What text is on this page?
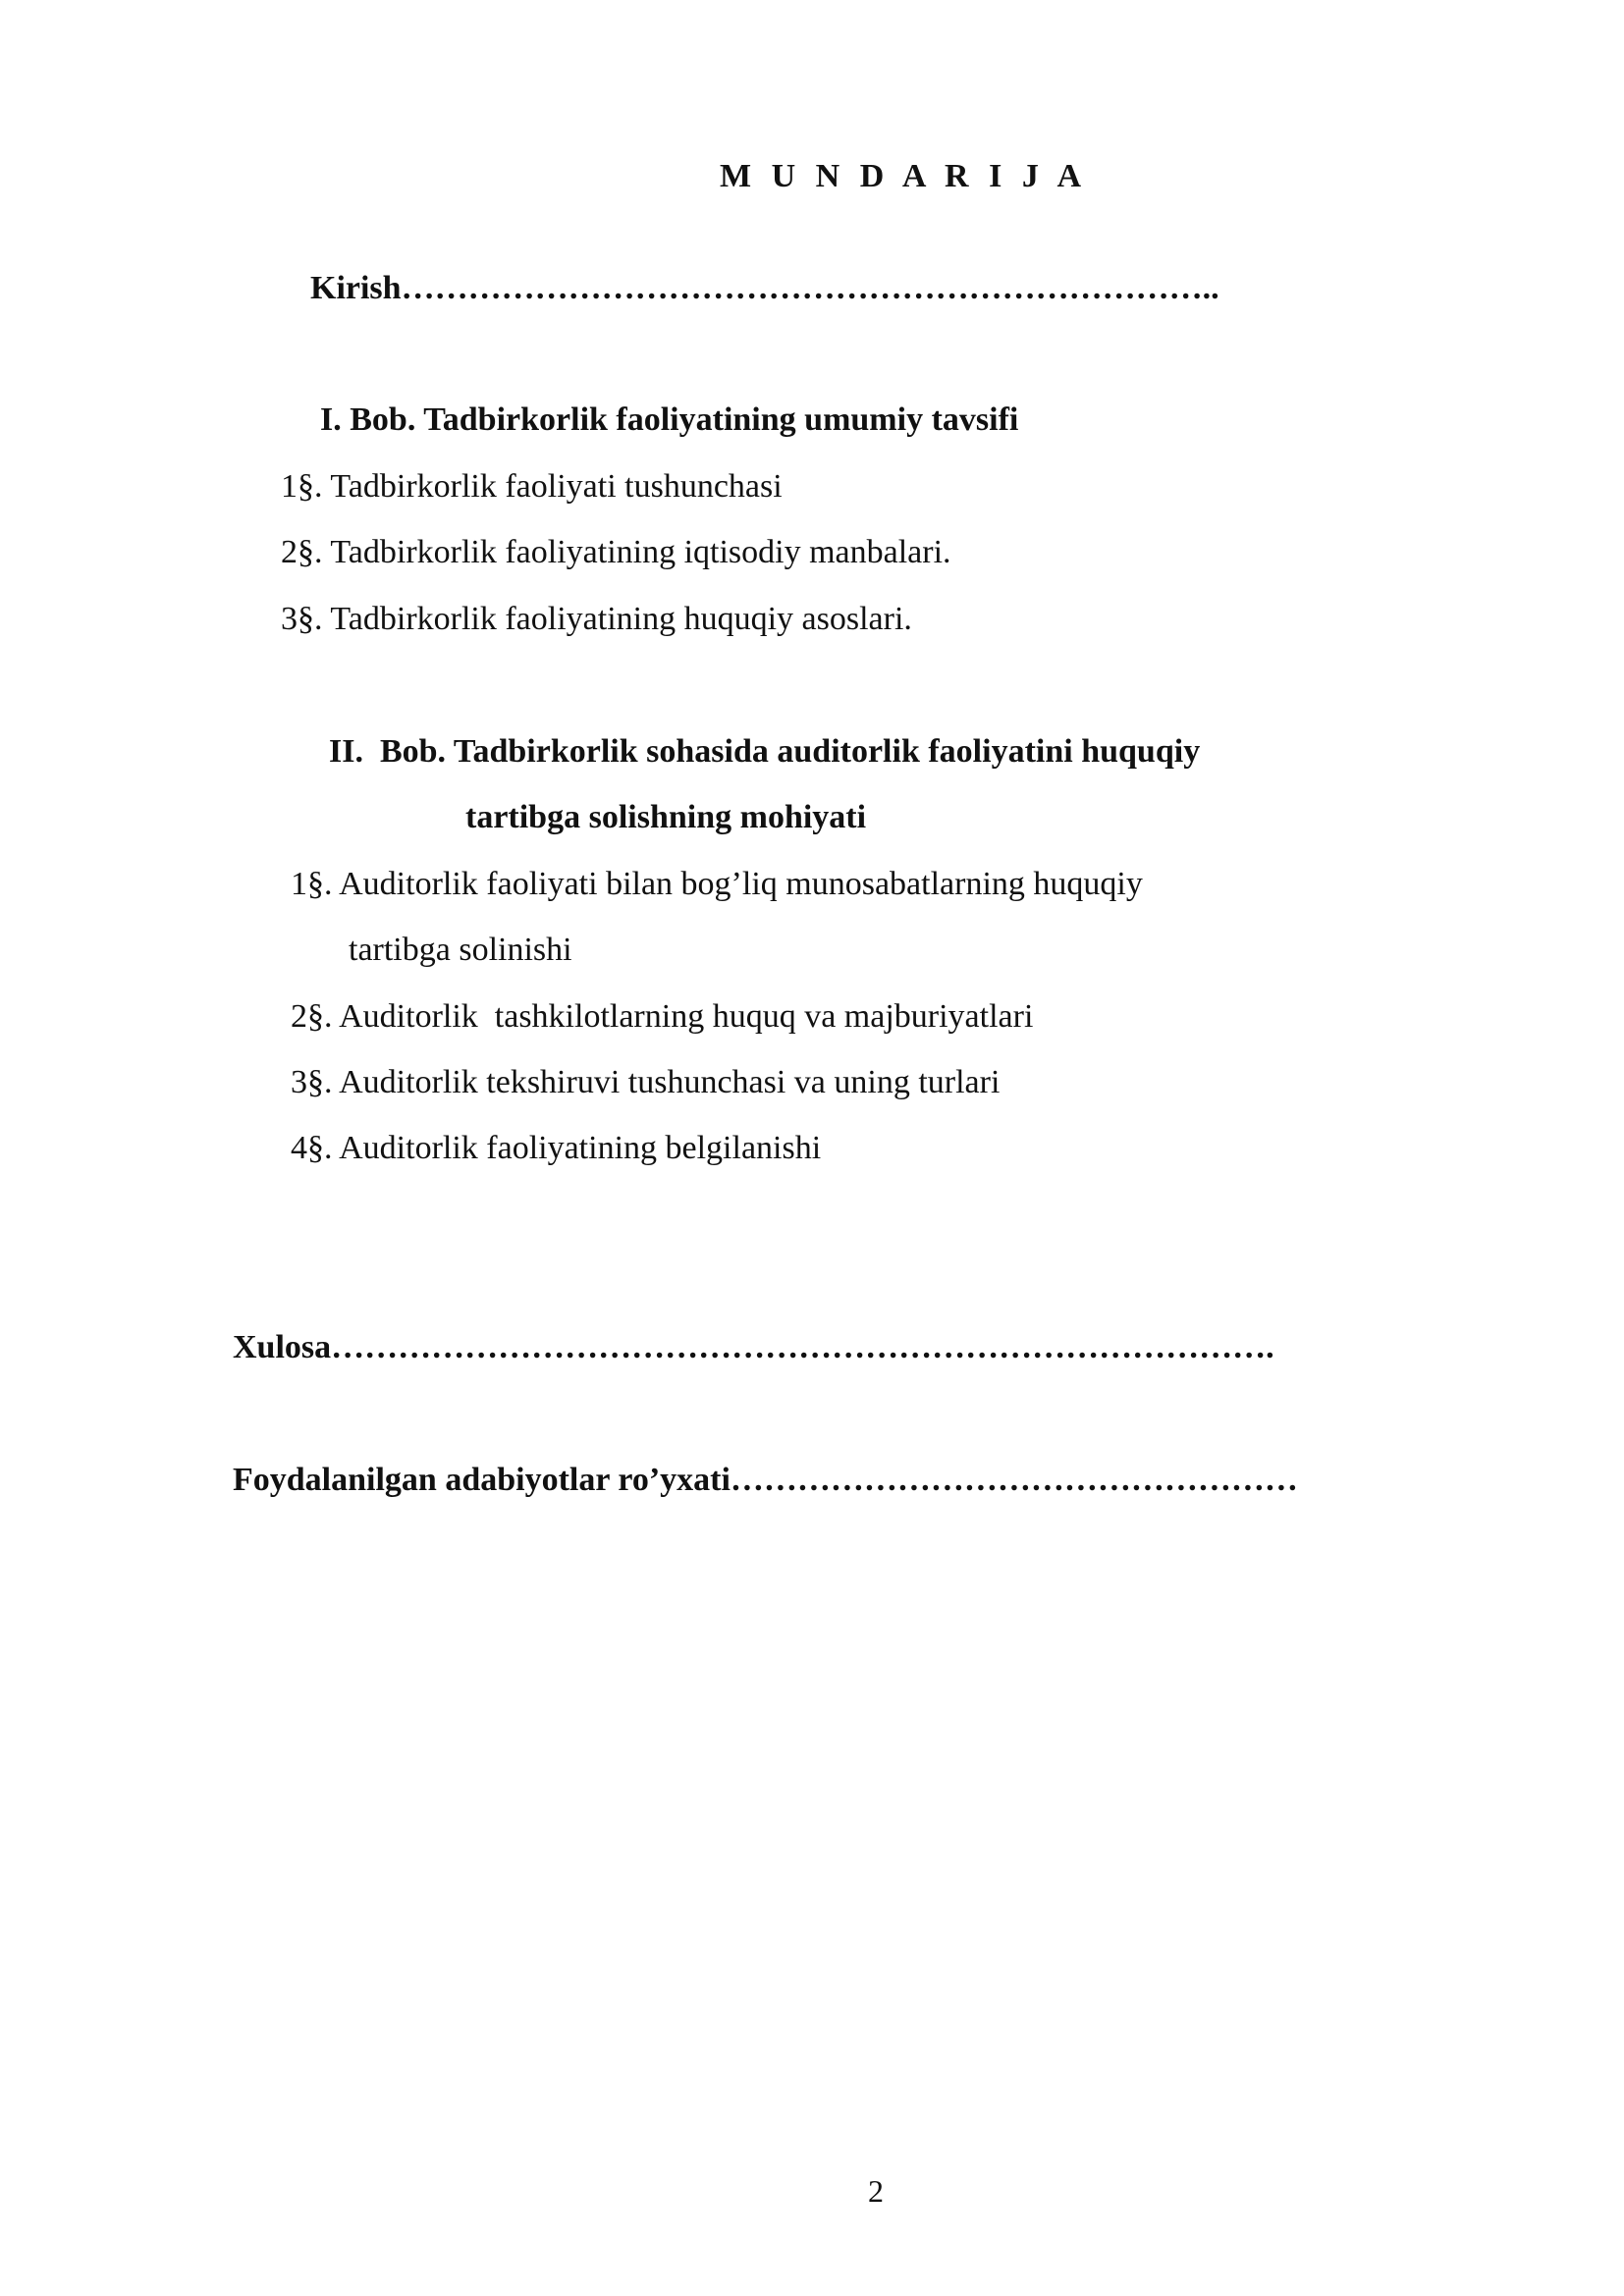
M U N D A R I J A
Kirish………………………………………………………………..
I. Bob. Tadbirkorlik faoliyatining umumiy tavsifi
1§. Tadbirkorlik faoliyati tushunchasi
2§. Tadbirkorlik faoliyatining iqtisodiy manbalari.
3§. Tadbirkorlik faoliyatining huquqiy asoslari.
II.  Bob. Tadbirkorlik sohasida auditorlik faoliyatini huquqiy
tartibga solishning mohiyati
1§. Auditorlik faoliyati bilan bog’liq munosabatlarning huquqiy
tartibga solinishi
2§. Auditorlik  tashkilotlarning huquq va majburiyatlari
3§. Auditorlik tekshiruvi tushunchasi va uning turlari
4§. Auditorlik faoliyatining belgilanishi
Xulosa………………………………………………………………………….
Foydalanilgan adabiyotlar ro’yxati……………………………………………
2
